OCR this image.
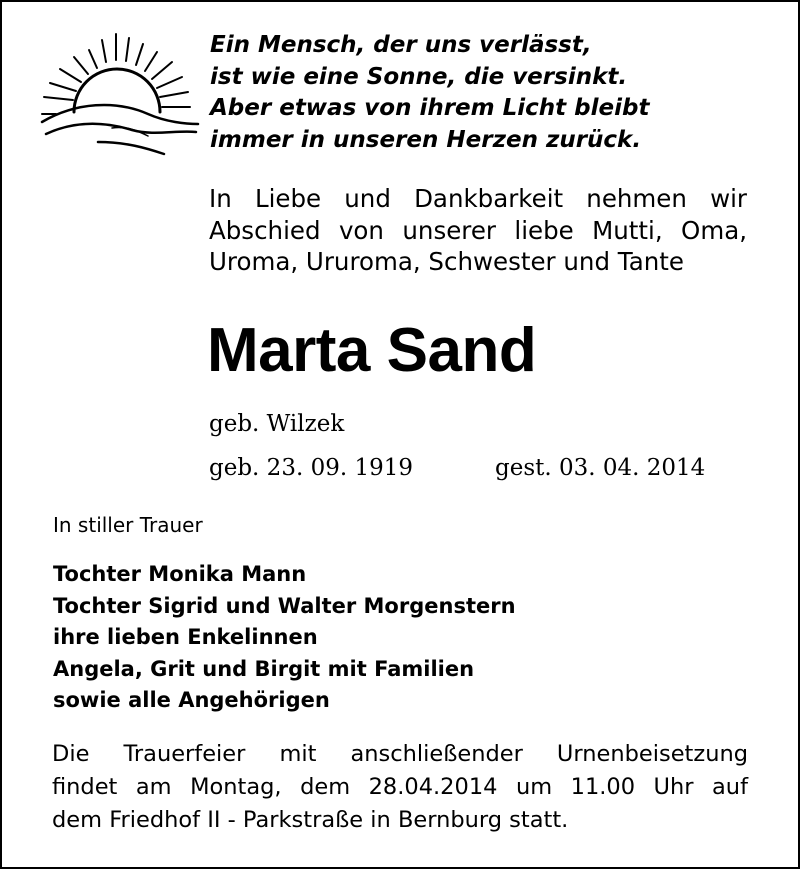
Ein Mensch, der uns verlässt,
ist wie eine Sonne, die versinkt.
Aber etwas von ihrem Licht bleibt
immer in unseren Herzen zurück.
In Liebe und Dankbarkeit nehmen wir
Abschied von unserer liebe Mutti, Oma,
Uroma, Ururoma, Schwester und Tante
Marta Sand
geb. Wilzek
geb. 23. 09. 1919	gest. 03. 04. 2014
In stiller Trauer
Tochter Monika Mann
Tochter Sigrid und Walter Morgenstern
ihre lieben Enkelinnen
Angela, Grit und Birgit mit Familien
sowie alle Angehörigen
Die Trauerfeier mit anschließender Urnenbeisetzung
findet am Montag, dem 28.04.2014 um 11.00 Uhr auf
dem Friedhof II - Parkstraße in Bernburg statt.
